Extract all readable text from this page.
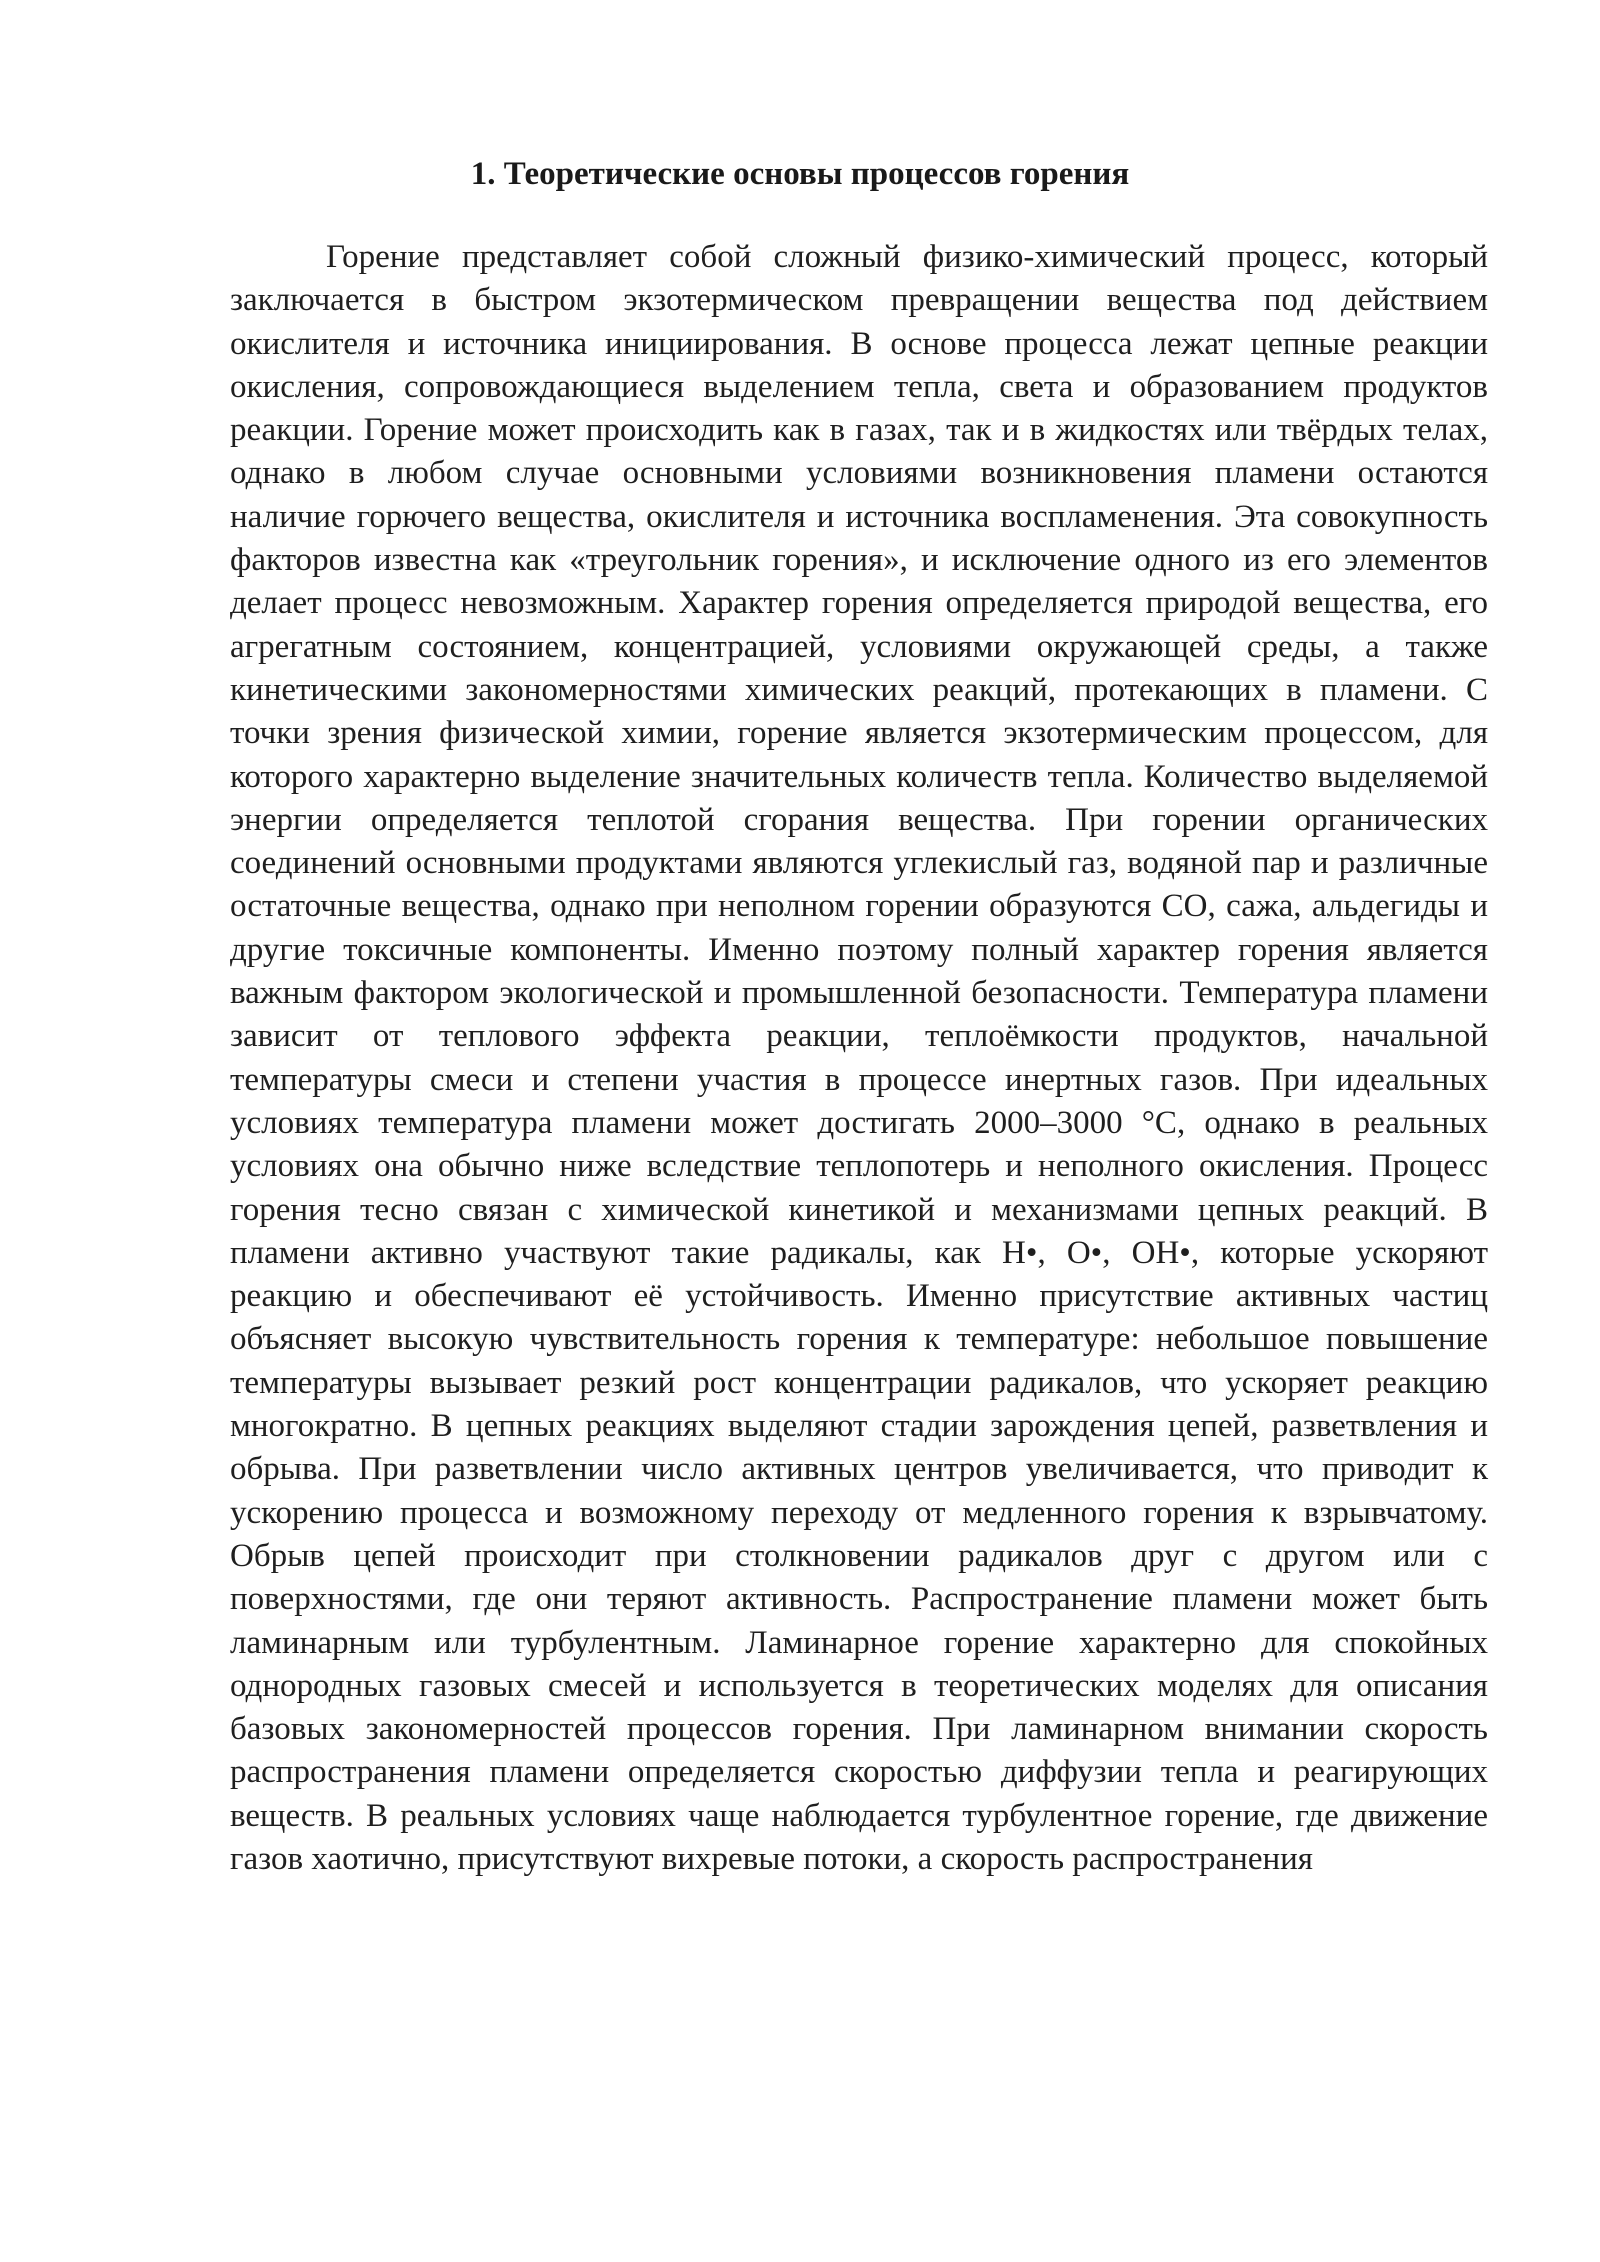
1. Теоретические основы процессов горения

Горение представляет собой сложный физико-химический процесс, который заключается в быстром экзотермическом превращении вещества под действием окислителя и источника инициирования. В основе процесса лежат цепные реакции окисления, сопровождающиеся выделением тепла, света и образованием продуктов реакции. Горение может происходить как в газах, так и в жидкостях или твёрдых телах, однако в любом случае основными условиями возникновения пламени остаются наличие горючего вещества, окислителя и источника воспламенения. Эта совокупность факторов известна как «треугольник горения», и исключение одного из его элементов делает процесс невозможным. Характер горения определяется природой вещества, его агрегатным состоянием, концентрацией, условиями окружающей среды, а также кинетическими закономерностями химических реакций, протекающих в пламени. С точки зрения физической химии, горение является экзотермическим процессом, для которого характерно выделение значительных количеств тепла. Количество выделяемой энергии определяется теплотой сгорания вещества. При горении органических соединений основными продуктами являются углекислый газ, водяной пар и различные остаточные вещества, однако при неполном горении образуются CO, сажа, альдегиды и другие токсичные компоненты. Именно поэтому полный характер горения является важным фактором экологической и промышленной безопасности. Температура пламени зависит от теплового эффекта реакции, теплоёмкости продуктов, начальной температуры смеси и степени участия в процессе инертных газов. При идеальных условиях температура пламени может достигать 2000–3000 °C, однако в реальных условиях она обычно ниже вследствие теплопотерь и неполного окисления. Процесс горения тесно связан с химической кинетикой и механизмами цепных реакций. В пламени активно участвуют такие радикалы, как H•, O•, OH•, которые ускоряют реакцию и обеспечивают её устойчивость. Именно присутствие активных частиц объясняет высокую чувствительность горения к температуре: небольшое повышение температуры вызывает резкий рост концентрации радикалов, что ускоряет реакцию многократно. В цепных реакциях выделяют стадии зарождения цепей, разветвления и обрыва. При разветвлении число активных центров увеличивается, что приводит к ускорению процесса и возможному переходу от медленного горения к взрывчатому. Обрыв цепей происходит при столкновении радикалов друг с другом или с поверхностями, где они теряют активность. Распространение пламени может быть ламинарным или турбулентным. Ламинарное горение характерно для спокойных однородных газовых смесей и используется в теоретических моделях для описания базовых закономерностей процессов горения. При ламинарном внимании скорость распространения пламени определяется скоростью диффузии тепла и реагирующих веществ. В реальных условиях чаще наблюдается турбулентное горение, где движение газов хаотично, присутствуют вихревые потоки, а скорость распространения
